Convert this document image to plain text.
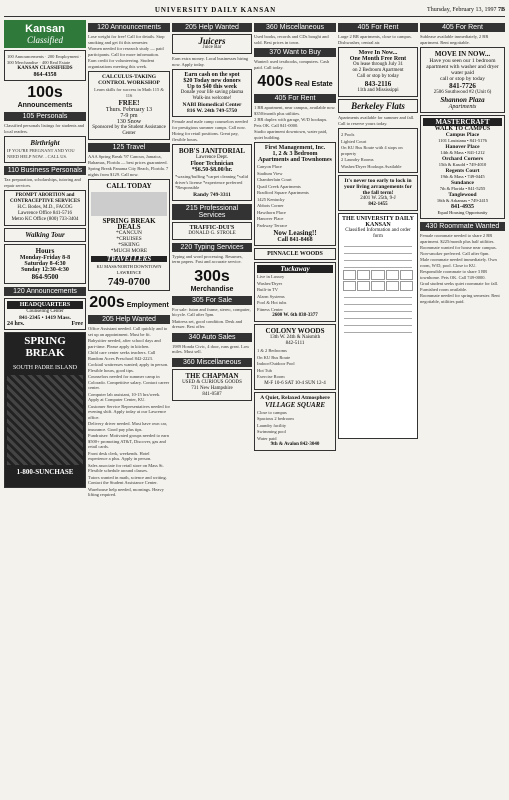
UNIVERSITY DAILY KANSAN	Thursday, February 13, 1997 7B
Kansan
Classified
100 Announcements · 200 Employment · 300 Merchandise · 400 Real Estate
KANSAN CLASSIFIEDS
864-4358
100s Announcements
105 Personals
Classified personals listings for students and local readers.
Birthright
IF YOU'RE PREGNANT AND YOU NEED HELP NOW…CALL US.
110 Business Personals
Tax preparation, scholarships, tutoring and repair services.
PROMPT ABORTION and CONTRACEPTIVE SERVICES
H.C. Bodes, M.D., FACOG
Lawrence Office 841-5716
Metro KC Office (800) 733-3404
Walking Tour
Hours
Monday-Friday 8-8
Saturday 8-4:30
Sunday 12:30-4:30
864-9500
120 Announcements
HEADQUARTERS
Counseling Center
841-2345 • 1419 Mass.
24 hrs.	Free
SPRING BREAK
SOUTH PADRE ISLAND
1-800-SUNCHASE
120 Announcements
Lose weight for free! Call for details. Stop smoking and get fit this semester.
Women needed for research study — paid participants. Call for more information.
Earn credit for volunteering. Student organizations meeting this week.
CALCULUS-TAKING CONTROL WORKSHOP
Learn skills for success in Math 115 & 116
FREE!
Thurs. February 13
7-9 pm
130 Snow
Sponsored by the Student Assistance Center
125 Travel
AAA Spring Break '97 Cancun, Jamaica, Bahamas, Florida — best prices guaranteed.
Spring Break Panama City Beach, Florida. 7 nights from $129. Call now.
CALL TODAY
SPRING BREAK DEALS
*CANCUN
*CRUISES
*SKIING
*MUCH MORE
TRAVELLERS
KU MASS/NORTH DOWNTOWN LAWRENCE
749-0700
200s Employment
205 Help Wanted
Office Assistant needed. Call quickly and to set up an appointment. Must be fit.
Babysitter needed, after school days and part-time. Please apply in kitchen.
Child care center seeks teachers. Call Random Acres Preschool 842-2223.
Cocktail waitresses wanted; apply in person. Flexible hours, good tips.
Counselors needed for summer camp in Colorado. Competitive salary. Contact career center.
Computer lab assistant, 10-15 hrs/week. Apply at Computer Center, KU.
Customer Service Representatives needed for evening shift. Apply today at our Lawrence office.
Delivery driver needed. Must have own car, insurance. Good pay plus tips.
Fundraiser: Motivated groups needed to earn $500+ promoting AT&T, Discover, gas and retail cards.
Front desk clerk, weekends. Hotel experience a plus. Apply in person.
Sales associate for retail store on Mass St. Flexible schedule around classes.
Tutors wanted in math, science and writing. Contact the Student Assistance Center.
Warehouse help needed, mornings. Heavy lifting required.
205 Help Wanted
Juicers
Juice Bar
Earn extra money. Local businesses hiring now. Apply today.
Earn cash on the spot
$20 Today new donors
Up to $40 this week
Donate your life saving plasma
Walk-ins welcome!
NABI Biomedical Center
816 W. 24th 749-5750
Female and male camp counselors needed for prestigious summer camps. Call now.
Hiring for retail positions. Great pay, flexible hours.
BOB'S JANITORIAL
Lawrence Dept.
Floor Technician
*$6.50-$8.00/hr.
*waxing/buffing *carpet cleaning *valid driver's license *experience preferred *Responsible
Randy 749-3311
215 Professional Services
TRAFFIC-DUI'S
DONALD G. STROLE
220 Typing Services
Typing and word processing. Resumes, term papers. Fast and accurate service.
300s Merchandise
305 For Sale
For sale: futon and frame, stereo, computer, bicycle. Call after 5pm.
Mattress set, good condition. Desk and dresser. Best offer.
340 Auto Sales
1989 Honda Civic, 4 door, runs great. Low miles. Must sell.
360 Miscellaneous
THE CHAPMAN
USED & CURIOUS GOODS
731 New Hampshire
841-0587
360 Miscellaneous
Used books, records and CDs bought and sold. Best prices in town.
370 Want to Buy
Wanted: used textbooks, computers. Cash paid. Call today.
400s Real Estate
405 For Rent
1 BR apartment, near campus, available now. $350/month plus utilities.
2 BR duplex with garage, W/D hookups. Pets OK. Call 841-0000.
Studio apartment downtown, water paid, quiet building.
First Management, Inc.
1, 2 & 3 Bedroom Apartments and Townhomes
Canyon Place
Stadium View
Chamberlain Court
Quail Creek Apartments
Bradford Square Apartments
1425 Kentucky
Abbots Corner
Hawthorn Place
Hanover Place
Parkway Terrace
Now Leasing!!
Call 841-8468
PINNACLE WOODS
Tuckaway
Live in Luxury
Washer/Dryer
Built-in TV
Alarm Systems
Pool & Hot tubs
Fitness Center
2600 W. 6th 838-3377
COLONY WOODS
13th W. 24th & Naismith
842-5111
1 & 2 Bedrooms
On KU Bus Route
Indoor/Outdoor Pool
Hot Tub
Exercise Room
M-F 10-6 SAT 10-4 SUN 12-4
A Quiet, Relaxed Atmosphere
VILLAGE SQUARE
Close to campus
Spacious 2 bedroom
Laundry facility
Swimming pool
Water paid
9th & Avalon 842-3040
405 For Rent
Large 2 BR apartments, close to campus. Dishwasher, central air.
Move In Now...
One Month Free Rent
On lease through July 31
on 2 Bedroom Apartment
Call or stop by today
843-2116
11th and Mississippi
Berkeley Flats
Apartments available for summer and fall. Call to reserve yours today.
2 Pools
Lighted Court
On KU Bus Route with 4 stops on property
2 Laundry Rooms
Washer/Dryer Hookups Available
It's never too early to lock in your living arrangements for the fall term!
2401 W. 25th, 9-J
842-1455
THE UNIVERSITY DAILY KANSAN
Classified Information and order form
405 For Rent
Sublease available immediately, 2 BR apartment. Rent negotiable.
MOVE IN NOW...
Have you seen our 1 bedroom apartment with washer and dryer
water paid
call or stop by today
841-7726
2506 Southwood #2 (Unit 6)
Shannon Plaza
Apartments
MASTERCRAFT
WALK TO CAMPUS
Campus Place
1101 Louisiana • 841-5176
Hanover Place
14th & Mass • 841-1212
Orchard Corners
15th & Kasold • 749-4010
Regents Court
19th & Mass • 749-0445
Sundance
7th & Florida • 841-5255
Tanglewood
16th & Arkansas • 749-2415
841-4935
Equal Housing Opportunity
430 Roommate Wanted
Female roommate needed to share 2 BR apartment. $225/month plus half utilities.
Roommate wanted for house near campus. Non-smoker preferred. Call after 6pm.
Male roommate needed immediately. Own room, W/D, pool. Close to KU.
Responsible roommate to share 3 BR townhome. Pets OK. Call 749-0000.
Grad student seeks quiet roommate for fall. Furnished room available.
Roommate needed for spring semester. Rent negotiable, utilities paid.
